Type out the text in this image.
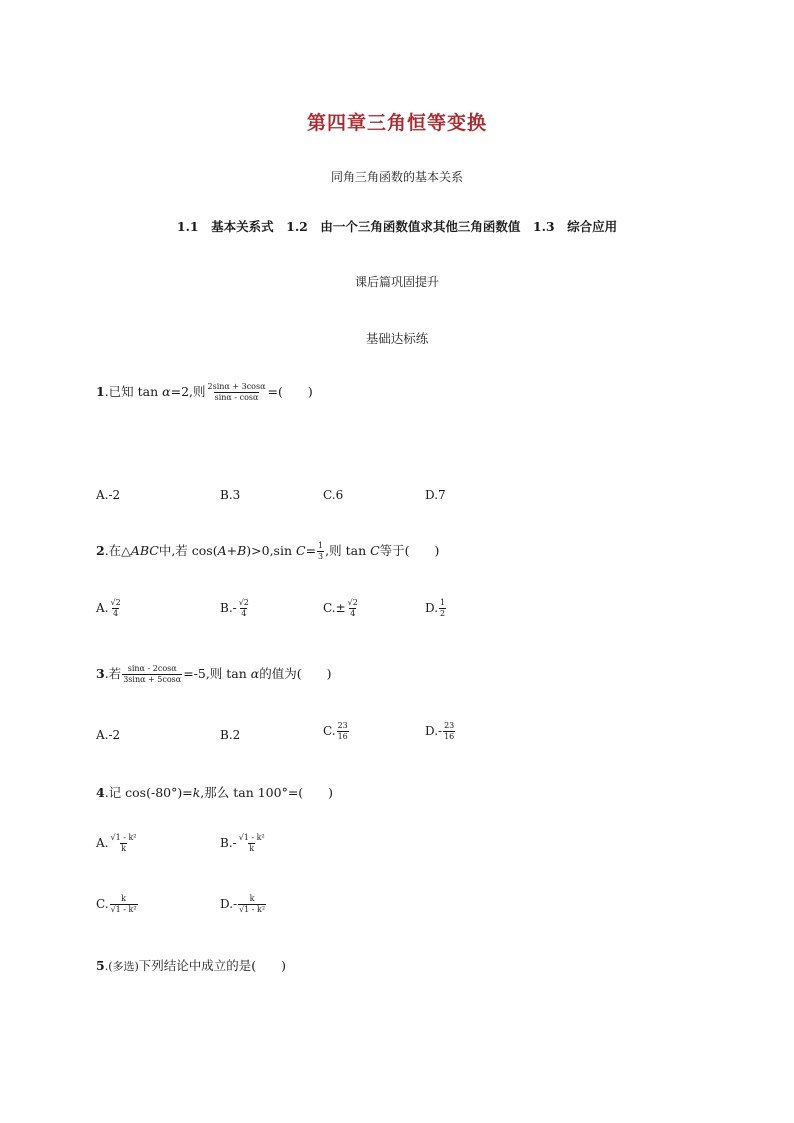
第四章三角恒等变换
同角三角函数的基本关系
1.1　基本关系式　1.2　由一个三角函数值求其他三角函数值　1.3　综合应用
课后篇巩固提升
基础达标练
1.已知 tan α=2,则 $\frac{2\sin\alpha + 3\cos\alpha}{\sin\alpha - \cos\alpha}$ =(　　)
A.-2	B.3	C.6	D.7
2.在△ABC中,若 cos(A+B)>0,sin $C= \frac{1}{3}$ ,则 tan C等于(　　)
A. $\frac{√2}{4}$	$B.- \frac{√2}{4}$	$C.\pm \frac{√2}{4}$	D. $\frac{1}{2}$
3.若 $\frac{\sin\alpha - 2\cos\alpha}{3\sin\alpha + 5\cos\alpha} =-5$,则 tan α的值为(　　)
A.-2	B.2	C. $\frac{23}{16}$	$D.- \frac{23}{16}$
4.记 cos(-80°)=k,那么 tan 100°=(　　)
A. $\frac{\text{√1 - k²}}{k}$	$B.- \frac{\text{√1 - k²}}{k}$
C. $\frac{k}{\text{√1 - k²}}$	$D.- \frac{k}{\text{√1 - k²}}$
5.(多选)下列结论中成立的是(　　)
